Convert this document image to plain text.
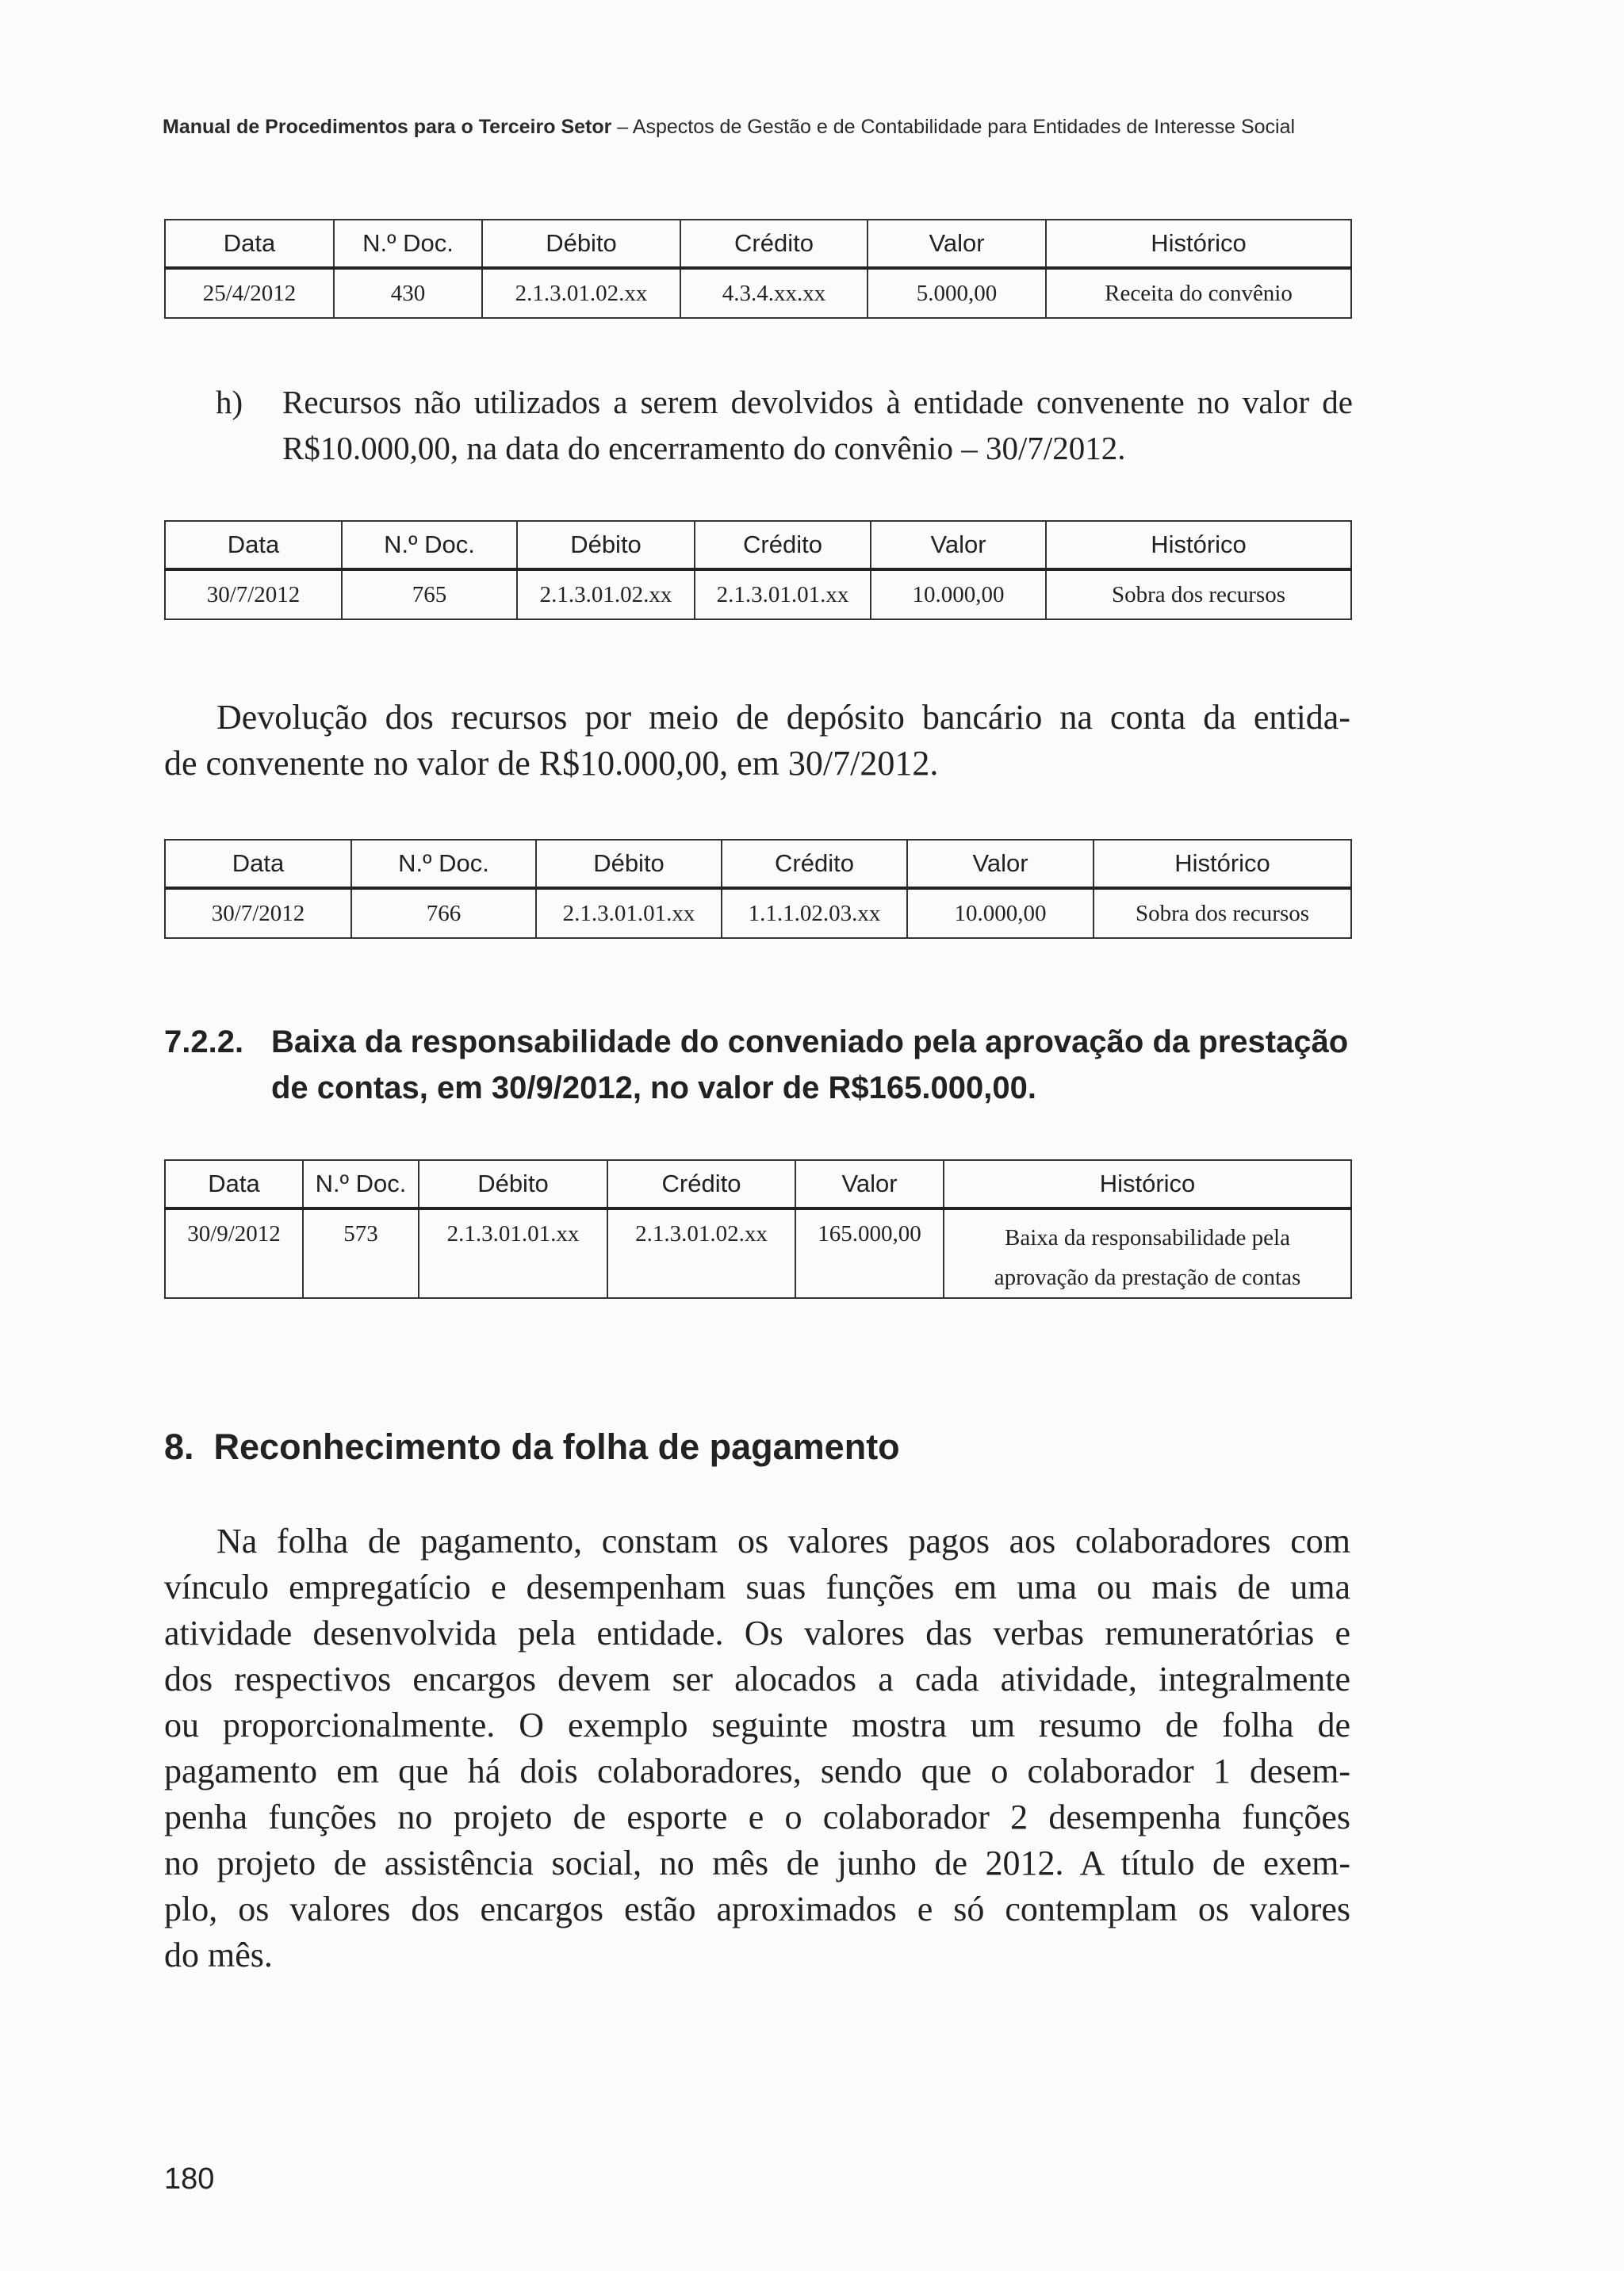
Manual de Procedimentos para o Terceiro Setor – Aspectos de Gestão e de Contabilidade para Entidades de Interesse Social
Data	N.º Doc.	Débito	Crédito	Valor	Histórico
25/4/2012	430	2.1.3.01.02.xx	4.3.4.xx.xx	5.000,00	Receita do convênio
h) Recursos não utilizados a serem devolvidos à entidade convenente no valor de
R$10.000,00, na data do encerramento do convênio – 30/7/2012.
Data	N.º Doc.	Débito	Crédito	Valor	Histórico
30/7/2012	765	2.1.3.01.02.xx	2.1.3.01.01.xx	10.000,00	Sobra dos recursos
Devolução dos recursos por meio de depósito bancário na conta da entida-
de convenente no valor de R$10.000,00, em 30/7/2012.
Data	N.º Doc.	Débito	Crédito	Valor	Histórico
30/7/2012	766	2.1.3.01.01.xx	1.1.1.02.03.xx	10.000,00	Sobra dos recursos
7.2.2. Baixa da responsabilidade do conveniado pela aprovação da prestação
de contas, em 30/9/2012, no valor de R$165.000,00.
Data	N.º Doc.	Débito	Crédito	Valor	Histórico
30/9/2012	573	2.1.3.01.01.xx	2.1.3.01.02.xx	165.000,00	Baixa da responsabilidade pela
aprovação da prestação de contas
8.  Reconhecimento da folha de pagamento
Na folha de pagamento, constam os valores pagos aos colaboradores com
vínculo empregatício e desempenham suas funções em uma ou mais de uma
atividade desenvolvida pela entidade. Os valores das verbas remuneratórias e
dos respectivos encargos devem ser alocados a cada atividade, integralmente
ou proporcionalmente. O exemplo seguinte mostra um resumo de folha de
pagamento em que há dois colaboradores, sendo que o colaborador 1 desem-
penha funções no projeto de esporte e o colaborador 2 desempenha funções
no projeto de assistência social, no mês de junho de 2012. A título de exem-
plo, os valores dos encargos estão aproximados e só contemplam os valores
do mês.
180
